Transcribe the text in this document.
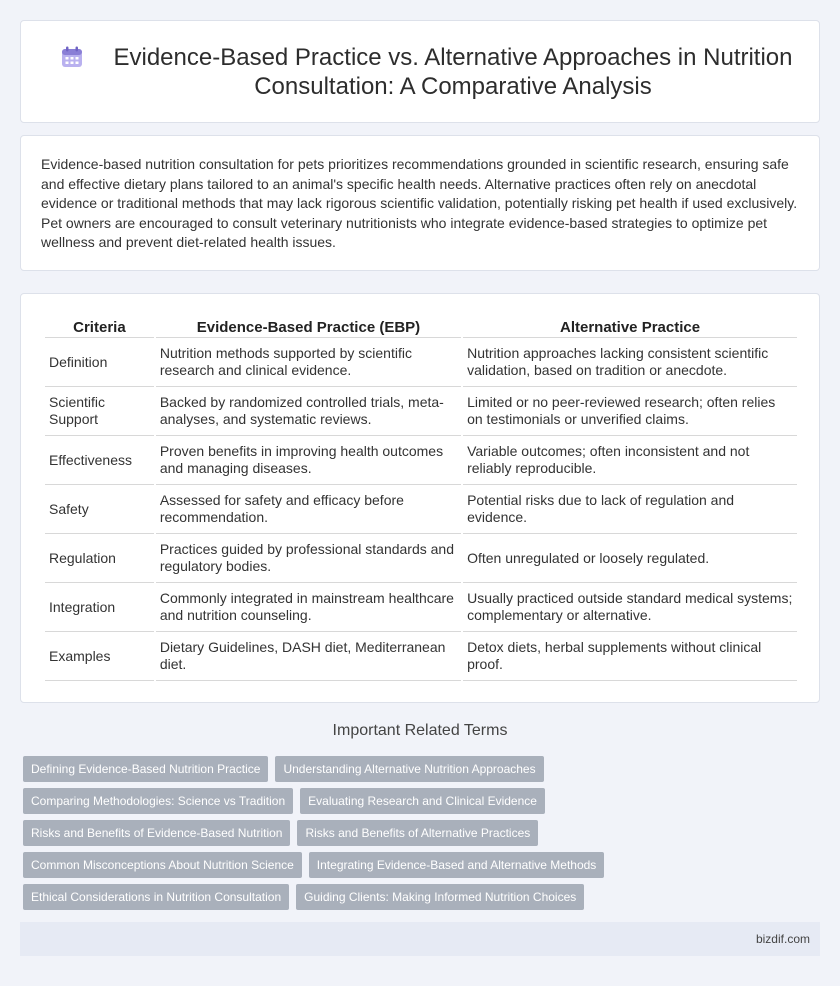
Evidence-Based Practice vs. Alternative Approaches in Nutrition Consultation: A Comparative Analysis

Evidence-based nutrition consultation for pets prioritizes recommendations grounded in scientific research, ensuring safe and effective dietary plans tailored to an animal's specific health needs. Alternative practices often rely on anecdotal evidence or traditional methods that may lack rigorous scientific validation, potentially risking pet health if used exclusively. Pet owners are encouraged to consult veterinary nutritionists who integrate evidence-based strategies to optimize pet wellness and prevent diet-related health issues.

Criteria	Evidence-Based Practice (EBP)	Alternative Practice
Definition	Nutrition methods supported by scientific research and clinical evidence.	Nutrition approaches lacking consistent scientific validation, based on tradition or anecdote.
Scientific Support	Backed by randomized controlled trials, meta-analyses, and systematic reviews.	Limited or no peer-reviewed research; often relies on testimonials or unverified claims.
Effectiveness	Proven benefits in improving health outcomes and managing diseases.	Variable outcomes; often inconsistent and not reliably reproducible.
Safety	Assessed for safety and efficacy before recommendation.	Potential risks due to lack of regulation and evidence.
Regulation	Practices guided by professional standards and regulatory bodies.	Often unregulated or loosely regulated.
Integration	Commonly integrated in mainstream healthcare and nutrition counseling.	Usually practiced outside standard medical systems; complementary or alternative.
Examples	Dietary Guidelines, DASH diet, Mediterranean diet.	Detox diets, herbal supplements without clinical proof.
Important Related Terms
Defining Evidence-Based Nutrition Practice	Understanding Alternative Nutrition Approaches
Comparing Methodologies: Science vs Tradition	Evaluating Research and Clinical Evidence
Risks and Benefits of Evidence-Based Nutrition	Risks and Benefits of Alternative Practices
Common Misconceptions About Nutrition Science	Integrating Evidence-Based and Alternative Methods
Ethical Considerations in Nutrition Consultation	Guiding Clients: Making Informed Nutrition Choices
bizdif.com
